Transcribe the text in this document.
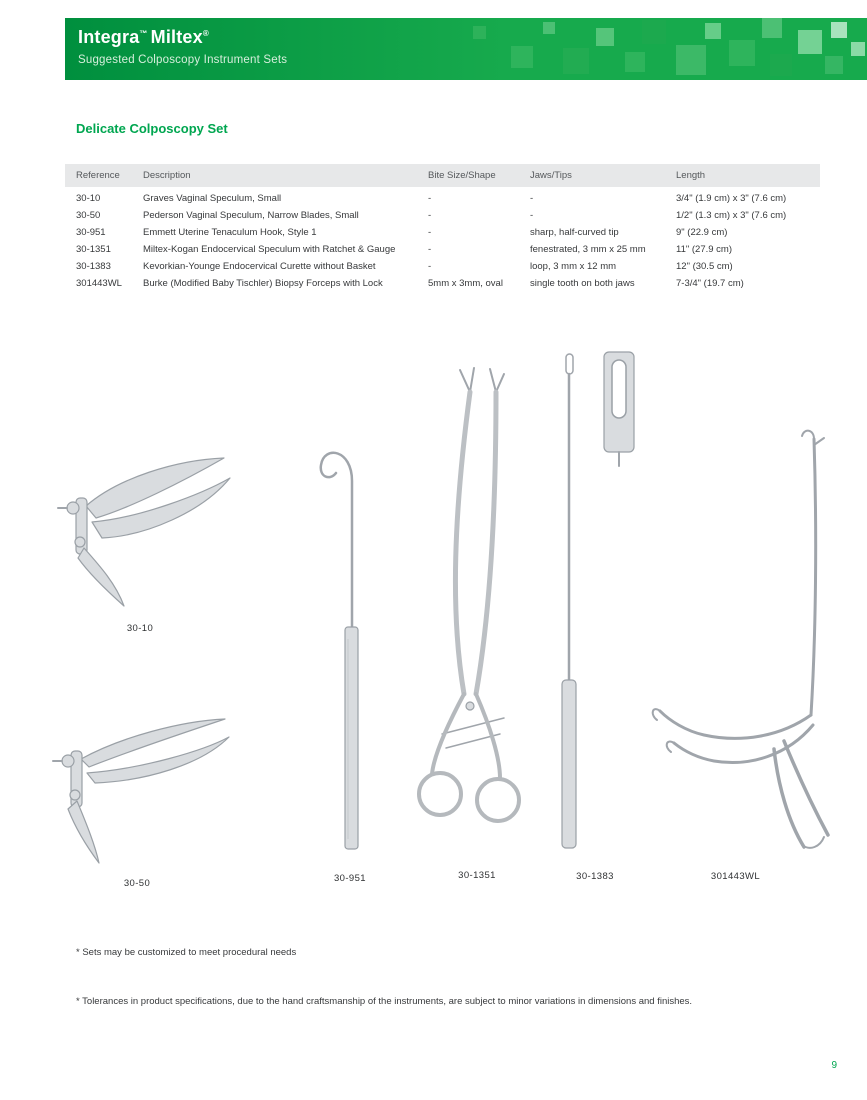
Integra™ Miltex®
Suggested Colposcopy Instrument Sets
Delicate Colposcopy Set
Reference	Description	Bite Size/Shape	Jaws/Tips	Length
30-10	Graves Vaginal Speculum, Small	-	-	3/4" (1.9 cm) x 3" (7.6 cm)
30-50	Pederson Vaginal Speculum, Narrow Blades, Small	-	-	1/2" (1.3 cm) x 3" (7.6 cm)
30-951	Emmett Uterine Tenaculum Hook, Style 1	-	sharp, half-curved tip	9" (22.9 cm)
30-1351	Miltex-Kogan Endocervical Speculum with Ratchet & Gauge	-	fenestrated, 3 mm x 25 mm	11" (27.9 cm)
30-1383	Kevorkian-Younge Endocervical Curette without Basket	-	loop, 3 mm x 12 mm	12" (30.5 cm)
301443WL	Burke (Modified Baby Tischler) Biopsy Forceps with Lock	5mm x 3mm, oval	single tooth on both jaws	7-3/4" (19.7 cm)
30-10
30-50	30-951	30-1351	30-1383	301443WL

* Sets may be customized to meet procedural needs

* Tolerances in product specifications, due to the hand craftsmanship of the instruments, are subject to minor variations in dimensions and finishes.

9
